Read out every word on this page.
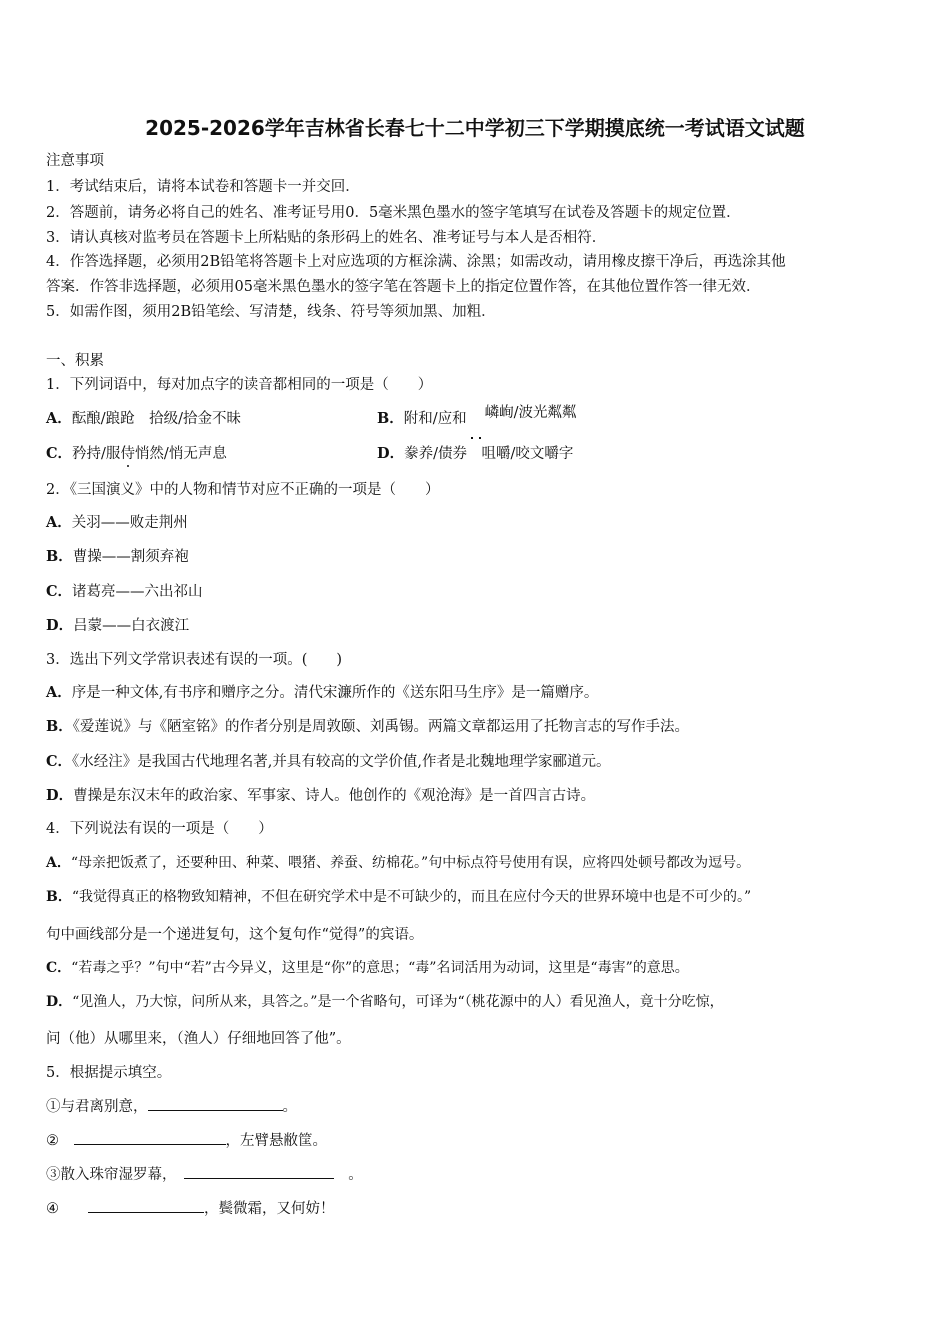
2025-2026学年吉林省长春七十二中学初三下学期摸底统一考试语文试题
注意事项
1．考试结束后，请将本试卷和答题卡一并交回．
2．答题前，请务必将自己的姓名、准考证号用0．5毫米黑色墨水的签字笔填写在试卷及答题卡的规定位置．
3．请认真核对监考员在答题卡上所粘贴的条形码上的姓名、准考证号与本人是否相符．
4．作答选择题，必须用2B铅笔将答题卡上对应选项的方框涂满、涂黑；如需改动，请用橡皮擦干净后，再选涂其他
答案．作答非选择题，必须用05毫米黑色墨水的签字笔在答题卡上的指定位置作答，在其他位置作答一律无效．
5．如需作图，须用2B铅笔绘、写清楚，线条、符号等须加黑、加粗．
一、积累
1．下列词语中，每对加点字的读音都相同的一项是（　　）
A．酝酿/踉跄　拾级/拾金不昧	B．附和/应和 嶙峋/波光粼粼
C．矜持/服侍悄然/悄无声息	D．豢养/债券　咀嚼/咬文嚼字
2．《三国演义》中的人物和情节对应不正确的一项是（　　）
A．关羽——败走荆州
B．曹操——割须弃袍
C．诸葛亮——六出祁山
D．吕蒙——白衣渡江
3．选出下列文学常识表述有误的一项。(　　)
A．序是一种文体,有书序和赠序之分。清代宋濂所作的《送东阳马生序》是一篇赠序。
B．《爱莲说》与《陋室铭》的作者分别是周敦颐、刘禹锡。两篇文章都运用了托物言志的写作手法。
C．《水经注》是我国古代地理名著,并具有较高的文学价值,作者是北魏地理学家郦道元。
D．曹操是东汉末年的政治家、军事家、诗人。他创作的《观沧海》是一首四言古诗。
4．下列说法有误的一项是（　　）
A．“母亲把饭煮了，还要种田、种菜、喂猪、养蚕、纺棉花。”句中标点符号使用有误，应将四处顿号都改为逗号。
B．“我觉得真正的格物致知精神，不但在研究学术中是不可缺少的，而且在应付今天的世界环境中也是不可少的。”
句中画线部分是一个递进复句，这个复句作“觉得”的宾语。
C．“若毒之乎？”句中“若”古今异义，这里是“你”的意思；“毒”名词活用为动词，这里是“毒害”的意思。
D．“见渔人，乃大惊，问所从来，具答之。”是一个省略句，可译为“（桃花源中的人）看见渔人，竟十分吃惊，
问（他）从哪里来，（渔人）仔细地回答了他”。
5．根据提示填空。
①与君离别意，	。
②　	，左臂悬敝筐。
③散入珠帘湿罗幕，　	　。
④　　	，鬓微霜，又何妨！
